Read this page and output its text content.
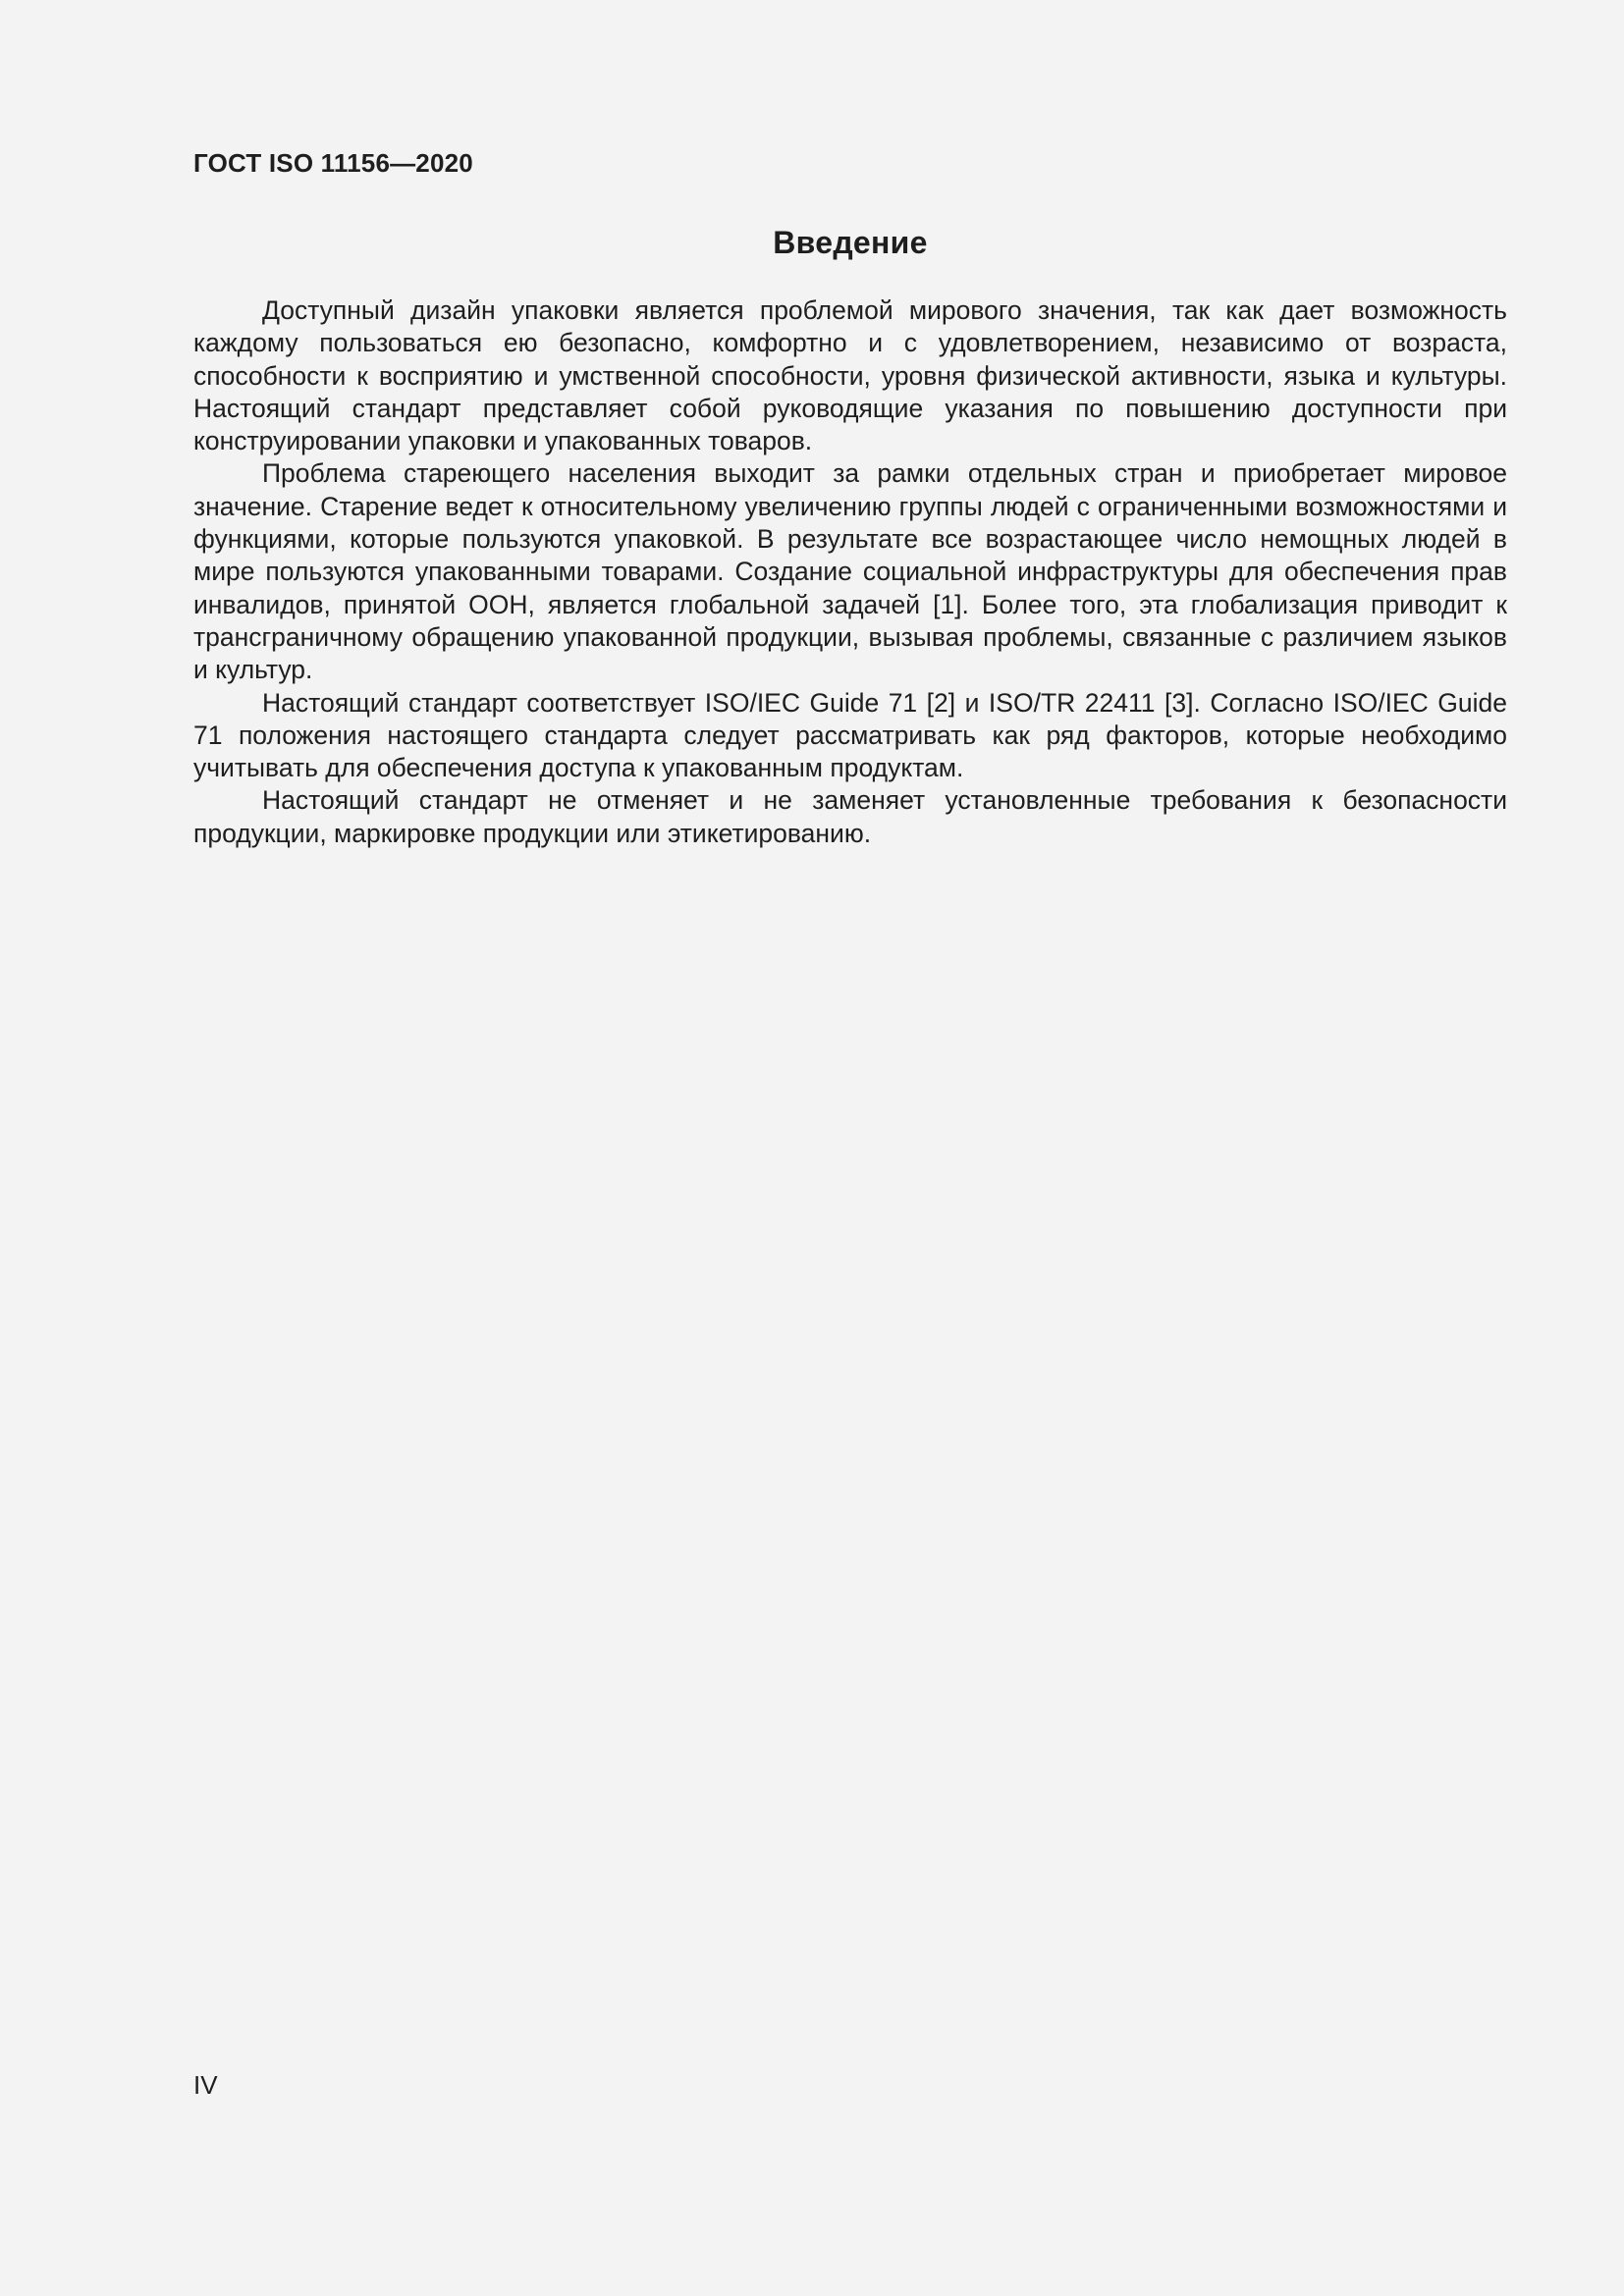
ГОСТ ISO 11156—2020

Введение

Доступный дизайн упаковки является проблемой мирового значения, так как дает возможность каждому пользоваться ею безопасно, комфортно и с удовлетворением, независимо от возраста, способности к восприятию и умственной способности, уровня физической активности, языка и культуры. Настоящий стандарт представляет собой руководящие указания по повышению доступности при конструировании упаковки и упакованных товаров.

Проблема стареющего населения выходит за рамки отдельных стран и приобретает мировое значение. Старение ведет к относительному увеличению группы людей с ограниченными возможностями и функциями, которые пользуются упаковкой. В результате все возрастающее число немощных людей в мире пользуются упакованными товарами. Создание социальной инфраструктуры для обеспечения прав инвалидов, принятой ООН, является глобальной задачей [1]. Более того, эта глобализация приводит к трансграничному обращению упакованной продукции, вызывая проблемы, связанные с различием языков и культур.

Настоящий стандарт соответствует ISO/IEC Guide 71 [2] и ISO/TR 22411 [3]. Согласно ISO/IEC Guide 71 положения настоящего стандарта следует рассматривать как ряд факторов, которые необходимо учитывать для обеспечения доступа к упакованным продуктам.

Настоящий стандарт не отменяет и не заменяет установленные требования к безопасности продукции, маркировке продукции или этикетированию.

IV
